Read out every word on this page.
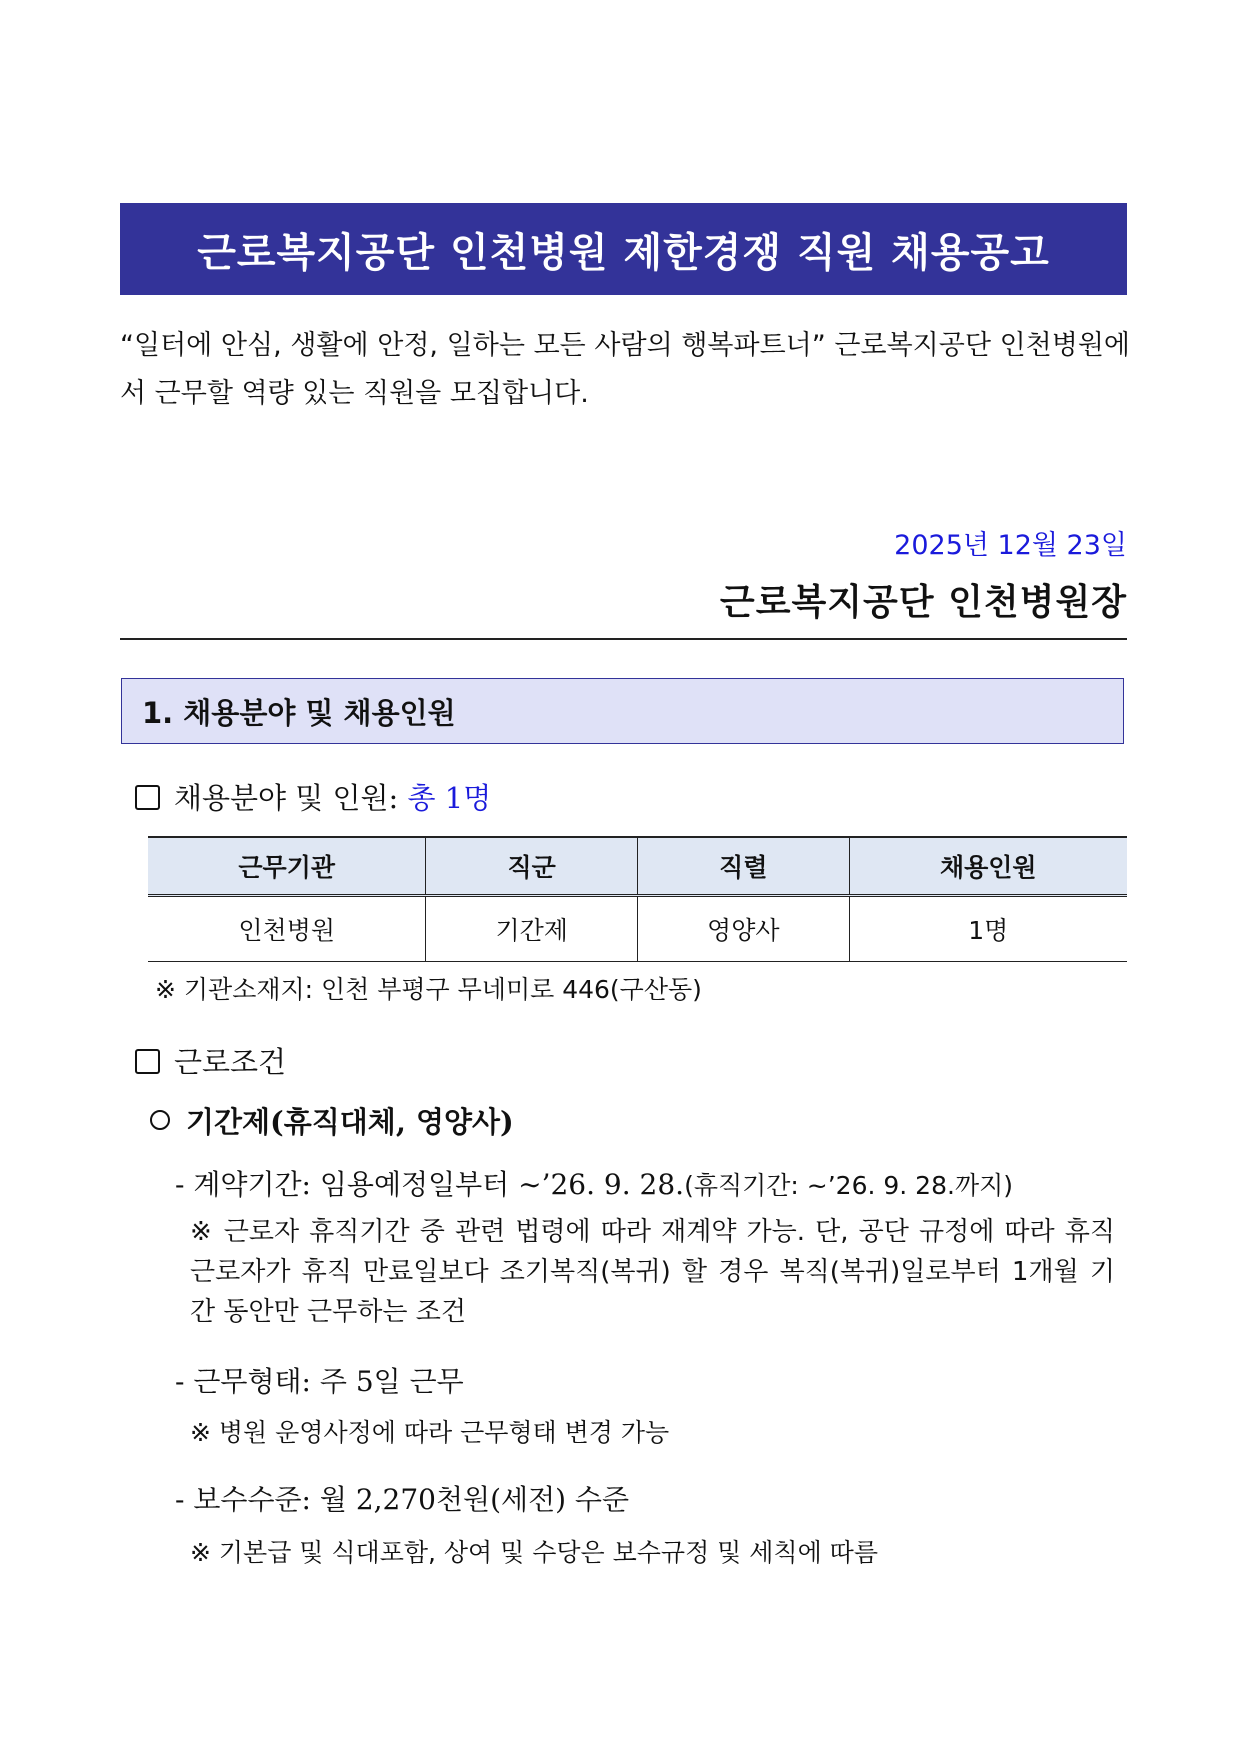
근로복지공단 인천병원 제한경쟁 직원 채용공고
“일터에 안심, 생활에 안정, 일하는 모든 사람의 행복파트너” 근로복지공단 인천병원에서 근무할 역량 있는 직원을 모집합니다.
2025년 12월 23일
근로복지공단 인천병원장
1. 채용분야 및 채용인원
채용분야 및 인원: 총 1명
근무기관	직군	직렬	채용인원
인천병원	기간제	영양사	1명
※ 기관소재지: 인천 부평구 무네미로 446(구산동)
근로조건
기간제(휴직대체, 영양사)
- 계약기간: 임용예정일부터 ∼’26. 9. 28.(휴직기간: ~’26. 9. 28.까지)
※ 근로자 휴직기간 중 관련 법령에 따라 재계약 가능. 단, 공단 규정에 따라 휴직 근로자가 휴직 만료일보다 조기복직(복귀) 할 경우 복직(복귀)일로부터 1개월 기간 동안만 근무하는 조건
- 근무형태: 주 5일 근무
※ 병원 운영사정에 따라 근무형태 변경 가능
- 보수수준: 월 2,270천원(세전) 수준
※ 기본급 및 식대포함, 상여 및 수당은 보수규정 및 세칙에 따름
